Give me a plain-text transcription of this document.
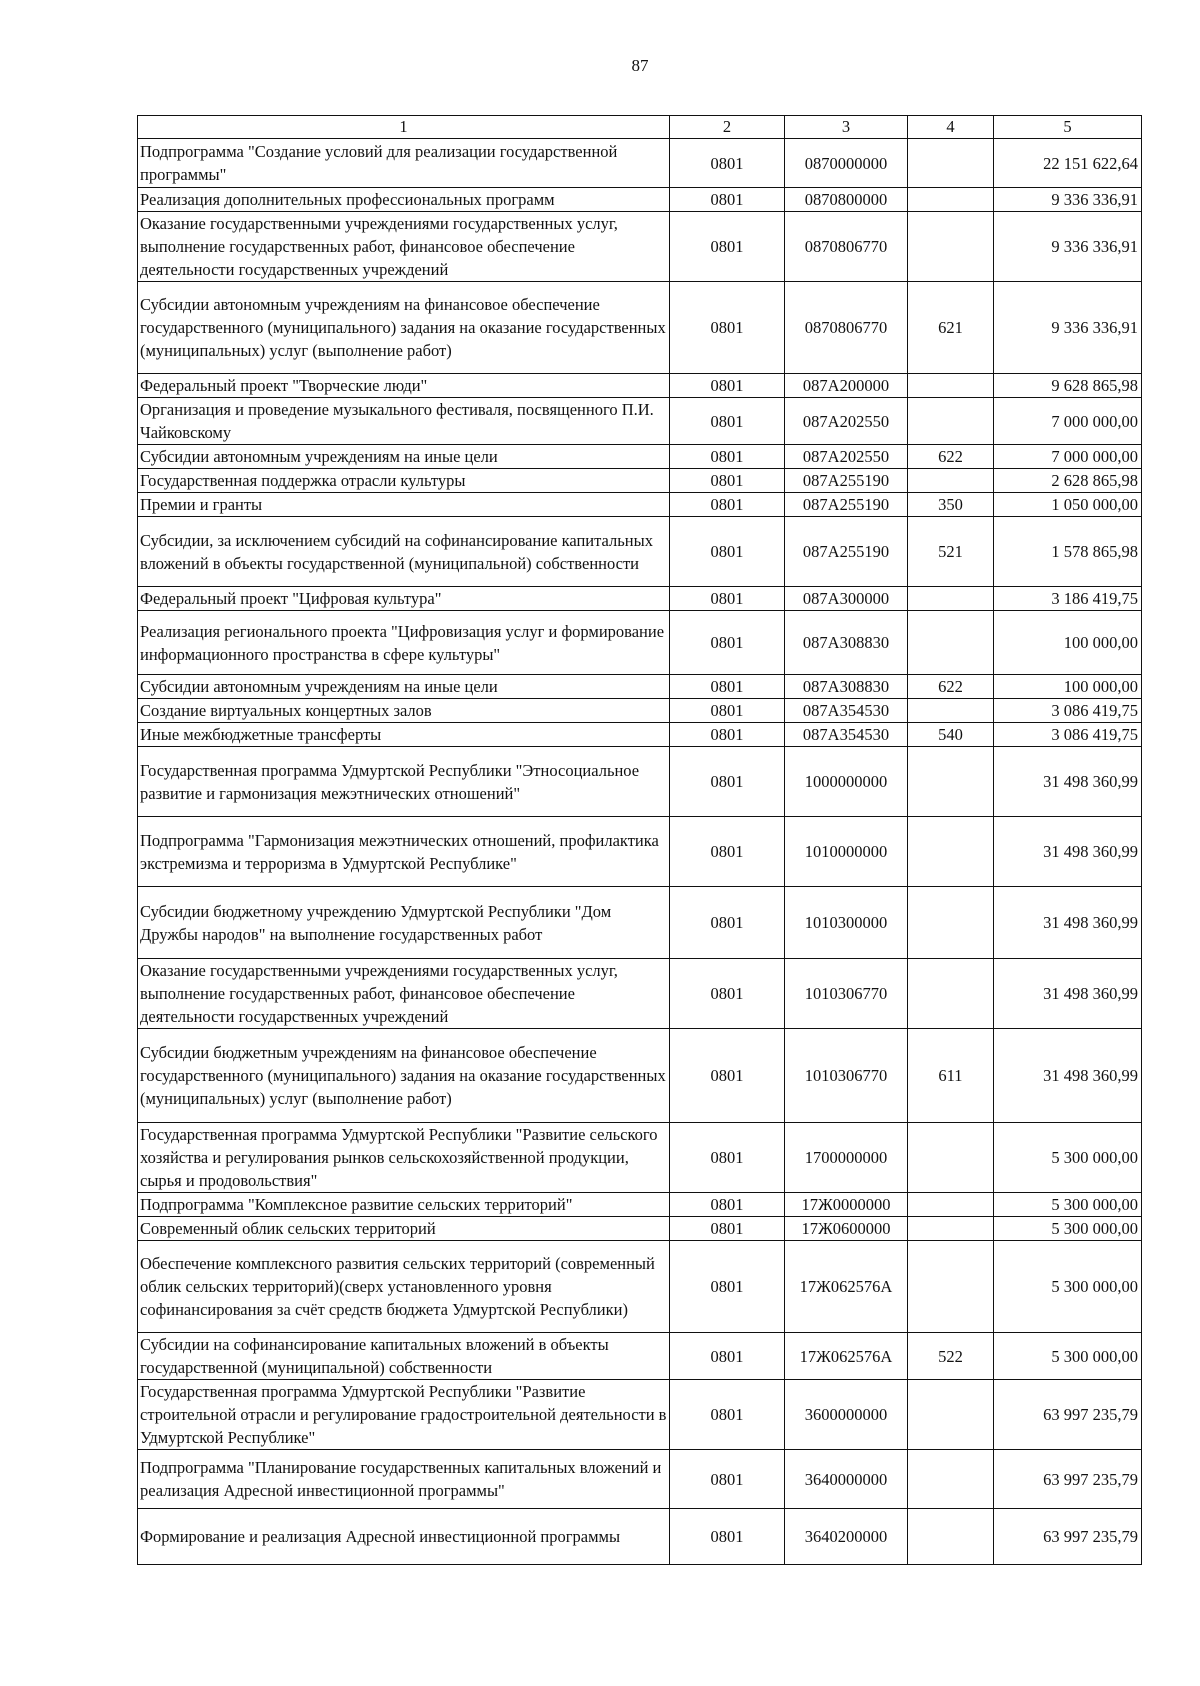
87
1	2	3	4	5
Подпрограмма "Создание условий для реализации государственной программы"	0801	0870000000		22 151 622,64
Реализация дополнительных профессиональных программ	0801	0870800000		9 336 336,91
Оказание государственными учреждениями государственных услуг, выполнение государственных работ, финансовое обеспечение деятельности государственных учреждений	0801	0870806770		9 336 336,91
Субсидии автономным учреждениям на финансовое обеспечение государственного (муниципального) задания на оказание государственных (муниципальных) услуг (выполнение работ)	0801	0870806770	621	9 336 336,91
Федеральный проект "Творческие люди"	0801	087А200000		9 628 865,98
Организация и проведение музыкального фестиваля, посвященного П.И. Чайковскому	0801	087А202550		7 000 000,00
Субсидии автономным учреждениям на иные цели	0801	087А202550	622	7 000 000,00
Государственная поддержка отрасли культуры	0801	087А255190		2 628 865,98
Премии и гранты	0801	087А255190	350	1 050 000,00
Субсидии, за исключением субсидий на софинансирование капитальных вложений в объекты государственной (муниципальной) собственности	0801	087А255190	521	1 578 865,98
Федеральный проект "Цифровая культура"	0801	087А300000		3 186 419,75
Реализация регионального проекта "Цифровизация услуг и формирование информационного пространства в сфере культуры"	0801	087А308830		100 000,00
Субсидии автономным учреждениям на иные цели	0801	087А308830	622	100 000,00
Создание виртуальных концертных залов	0801	087А354530		3 086 419,75
Иные межбюджетные трансферты	0801	087А354530	540	3 086 419,75
Государственная программа Удмуртской Республики "Этносоциальное развитие и гармонизация межэтнических отношений"	0801	1000000000		31 498 360,99
Подпрограмма "Гармонизация межэтнических отношений, профилактика экстремизма и терроризма в Удмуртской Республике"	0801	1010000000		31 498 360,99
Субсидии бюджетному учреждению Удмуртской Республики "Дом Дружбы народов" на выполнение государственных работ	0801	1010300000		31 498 360,99
Оказание государственными учреждениями государственных услуг, выполнение государственных работ, финансовое обеспечение деятельности государственных учреждений	0801	1010306770		31 498 360,99
Субсидии бюджетным учреждениям на финансовое обеспечение государственного (муниципального) задания на оказание государственных (муниципальных) услуг (выполнение работ)	0801	1010306770	611	31 498 360,99
Государственная программа Удмуртской Республики "Развитие сельского хозяйства и регулирования рынков сельскохозяйственной продукции, сырья и продовольствия"	0801	1700000000		5 300 000,00
Подпрограмма "Комплексное развитие сельских территорий"	0801	17Ж0000000		5 300 000,00
Современный облик сельских территорий	0801	17Ж0600000		5 300 000,00
Обеспечение комплексного развития сельских территорий (современный облик сельских территорий)(сверх установленного уровня софинансирования за счёт средств бюджета Удмуртской Республики)	0801	17Ж062576А		5 300 000,00
Субсидии на софинансирование капитальных вложений в объекты государственной (муниципальной) собственности	0801	17Ж062576А	522	5 300 000,00
Государственная программа Удмуртской Республики "Развитие строительной отрасли и регулирование градостроительной деятельности в Удмуртской Республике"	0801	3600000000		63 997 235,79
Подпрограмма "Планирование государственных капитальных вложений и реализация Адресной инвестиционной программы"	0801	3640000000		63 997 235,79
Формирование и реализация Адресной инвестиционной программы	0801	3640200000		63 997 235,79
